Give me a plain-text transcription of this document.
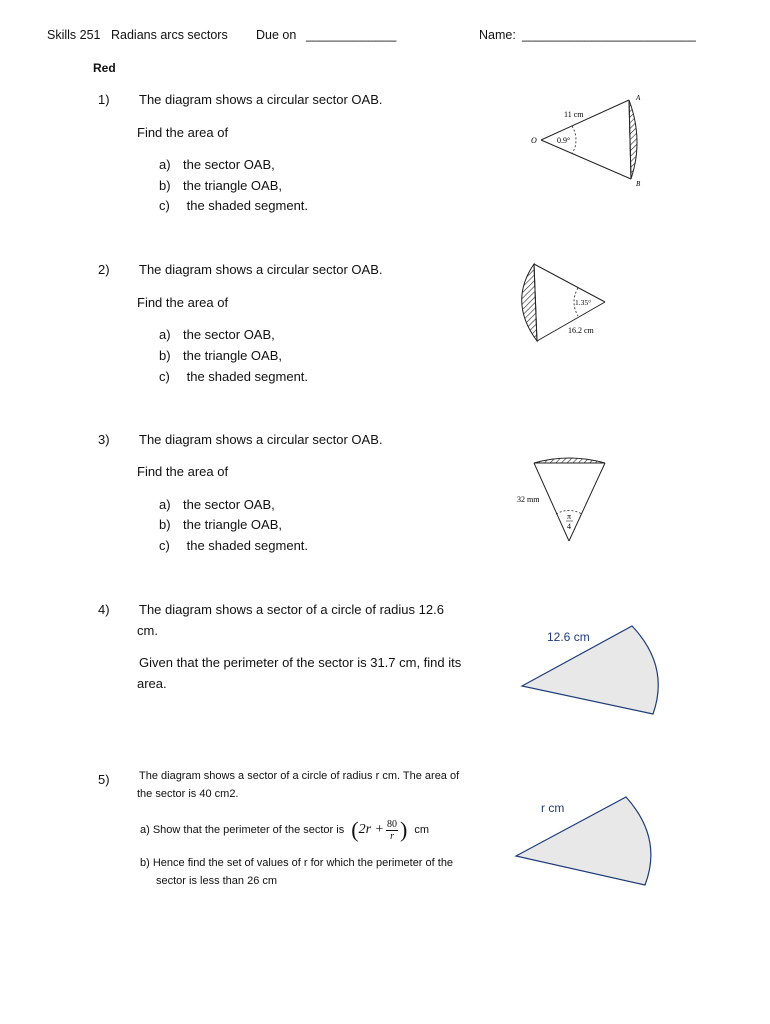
Skills 251 Radians arcs sectors Due on _____________	Name: _________________________
Red
1) The diagram shows a circular sector OAB.
Find the area of
a) the sector OAB,
b) the triangle OAB,
c) the shaded segment.
2) The diagram shows a circular sector OAB.
Find the area of
a) the sector OAB,
b) the triangle OAB,
c) the shaded segment.
3) The diagram shows a circular sector OAB.
Find the area of
a) the sector OAB,
b) the triangle OAB,
c) the shaded segment.
4) The diagram shows a sector of a circle of radius 12.6
cm.
Given that the perimeter of the sector is 31.7 cm, find its
area.
5)	The diagram shows a sector of a circle of radius r cm. The area of
the sector is 40 cm2.
a) Show that the perimeter of the sector is ($2r + \frac{80}{r}$ ) cm
b) Hence find the set of values of r for which the perimeter of the
sector is less than 26 cm
11 cm
0.9°
O
A
B
1.35°
16.2 cm
32 mm
π
4
12.6 cm
r cm
